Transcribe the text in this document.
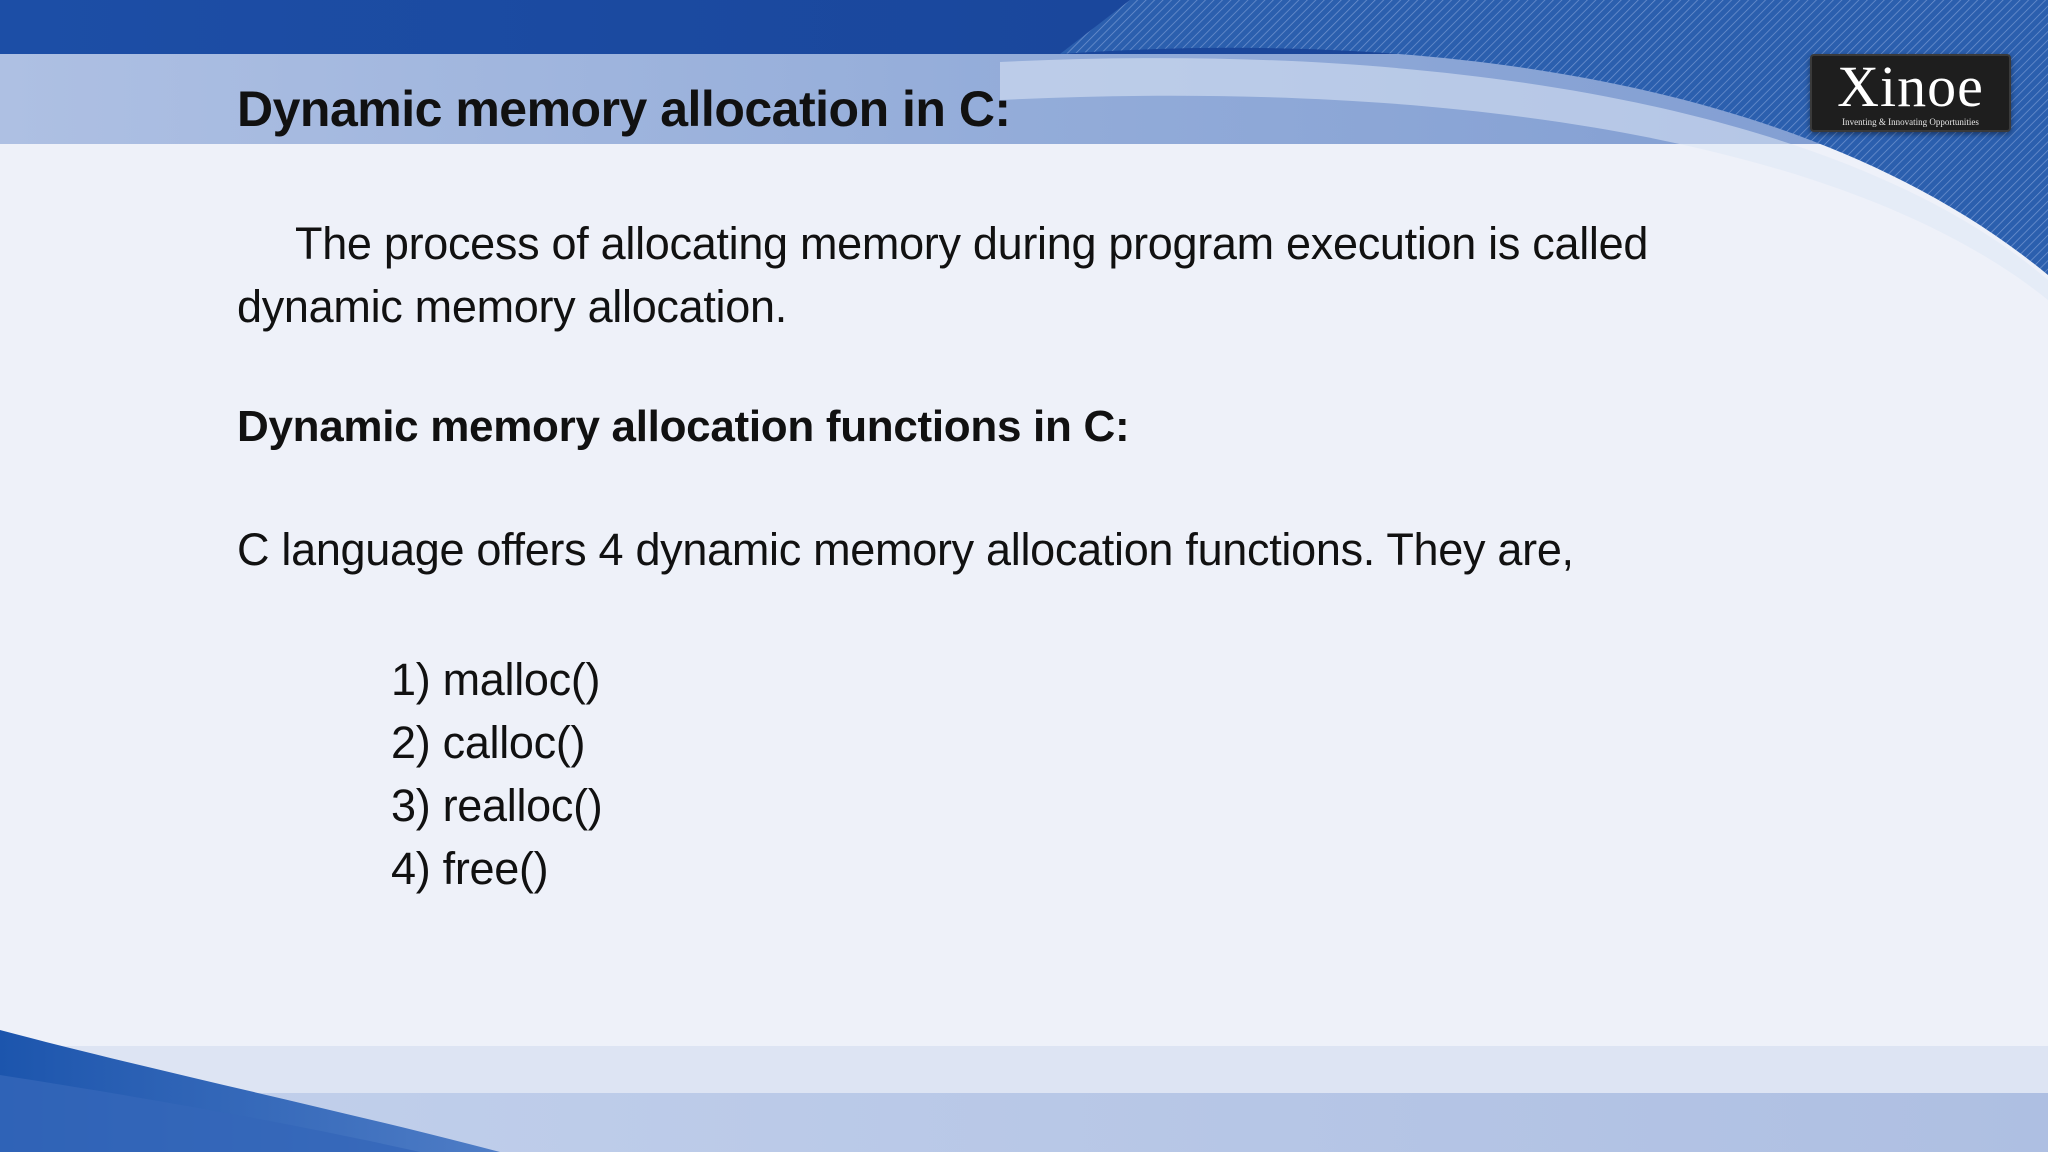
Xinoe
Inventing & Innovating Opportunities
Dynamic memory allocation in C:

The process of allocating memory during program execution is called dynamic memory allocation.

Dynamic memory allocation functions in C:

C language offers 4 dynamic memory allocation functions. They are,

1) malloc()
2) calloc()
3) realloc()
4) free()
